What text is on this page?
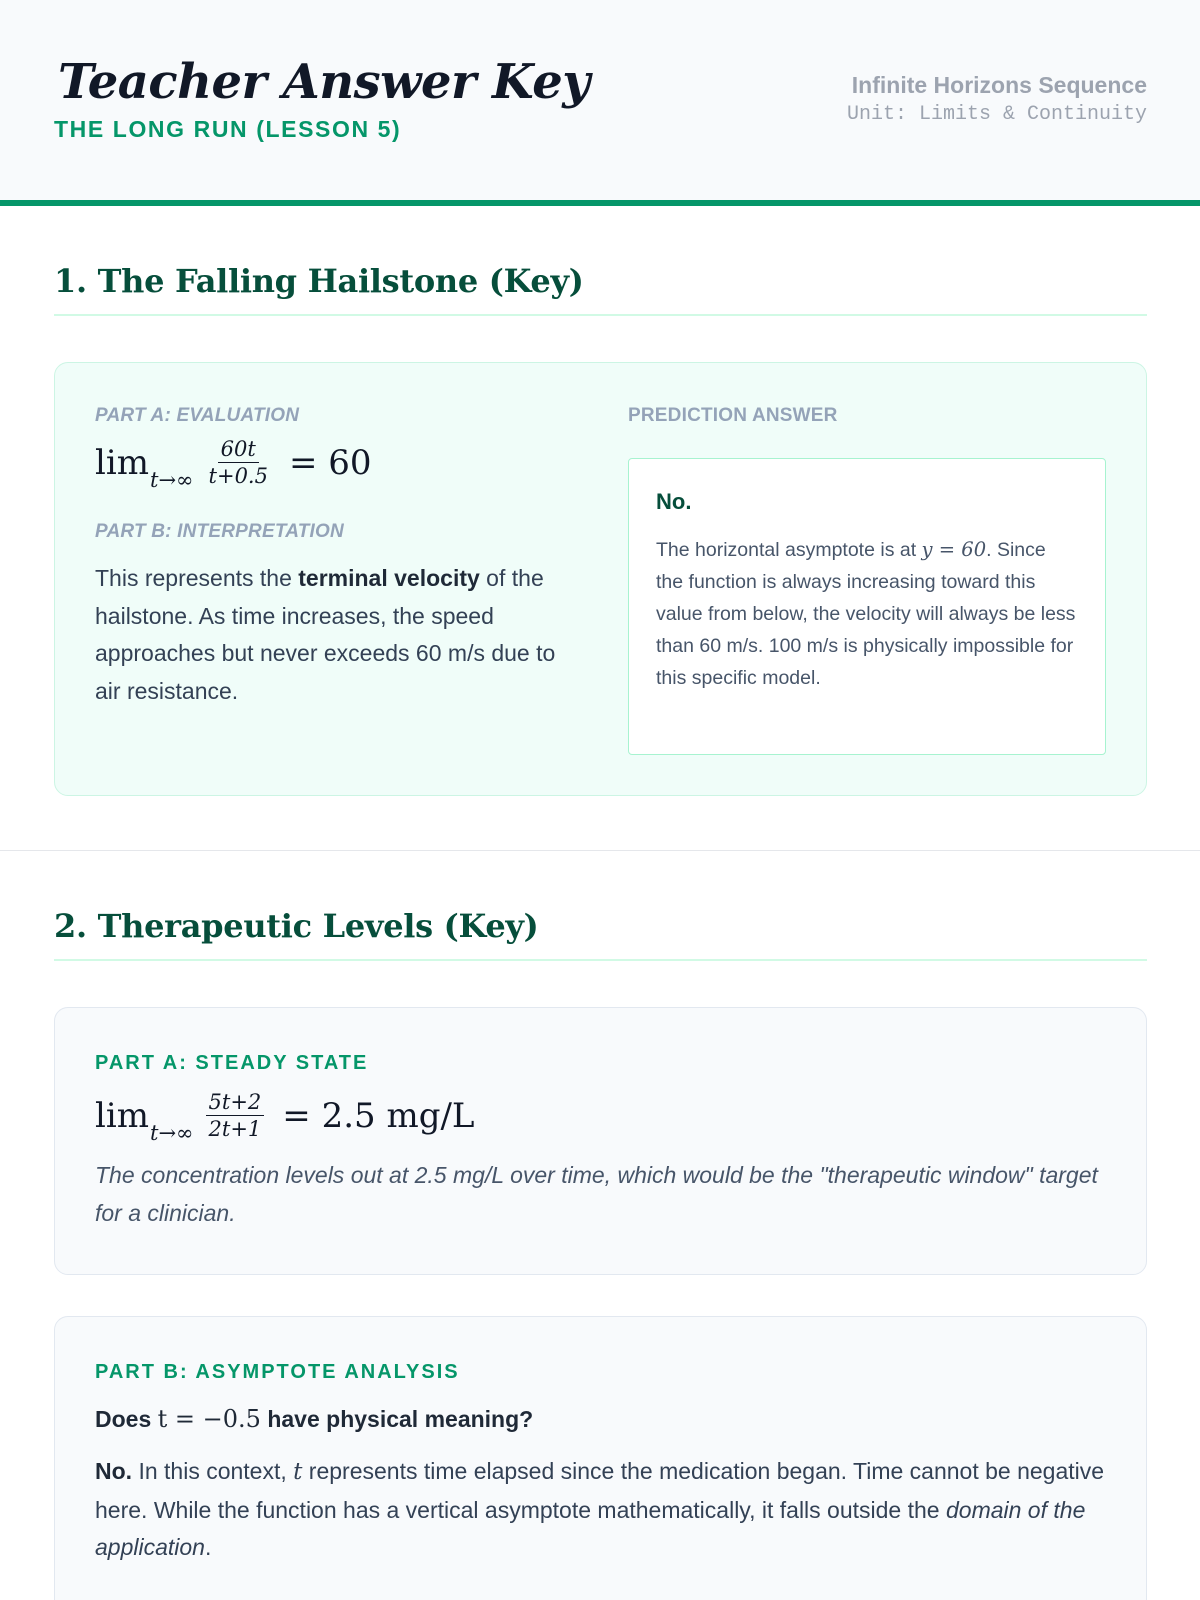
Teacher Answer Key
THE LONG RUN (LESSON 5)
Infinite Horizons Sequence
Unit: Limits & Continuity
1. The Falling Hailstone (Key)
PART A: EVALUATION
$\lim t\to\infty \frac{60t}{t+0.5} = 60$
PART B: INTERPRETATION
This represents the terminal velocity of the hailstone. As time increases, the speed approaches but never exceeds 60 m/s due to air resistance.
PREDICTION ANSWER
No.
The horizontal asymptote is at y = 60. Since the function is always increasing toward this value from below, the velocity will always be less than 60 m/s. 100 m/s is physically impossible for this specific model.
2. Therapeutic Levels (Key)
PART A: STEADY STATE
$\lim t\to\infty \frac{5t+2}{2t+1} = 2.5$ mg/L
The concentration levels out at 2.5 mg/L over time, which would be the "therapeutic window" target for a clinician.
PART B: ASYMPTOTE ANALYSIS
Does t = −0.5 have physical meaning?
No. In this context, t represents time elapsed since the medication began. Time cannot be negative here. While the function has a vertical asymptote mathematically, it falls outside the domain of the application.
